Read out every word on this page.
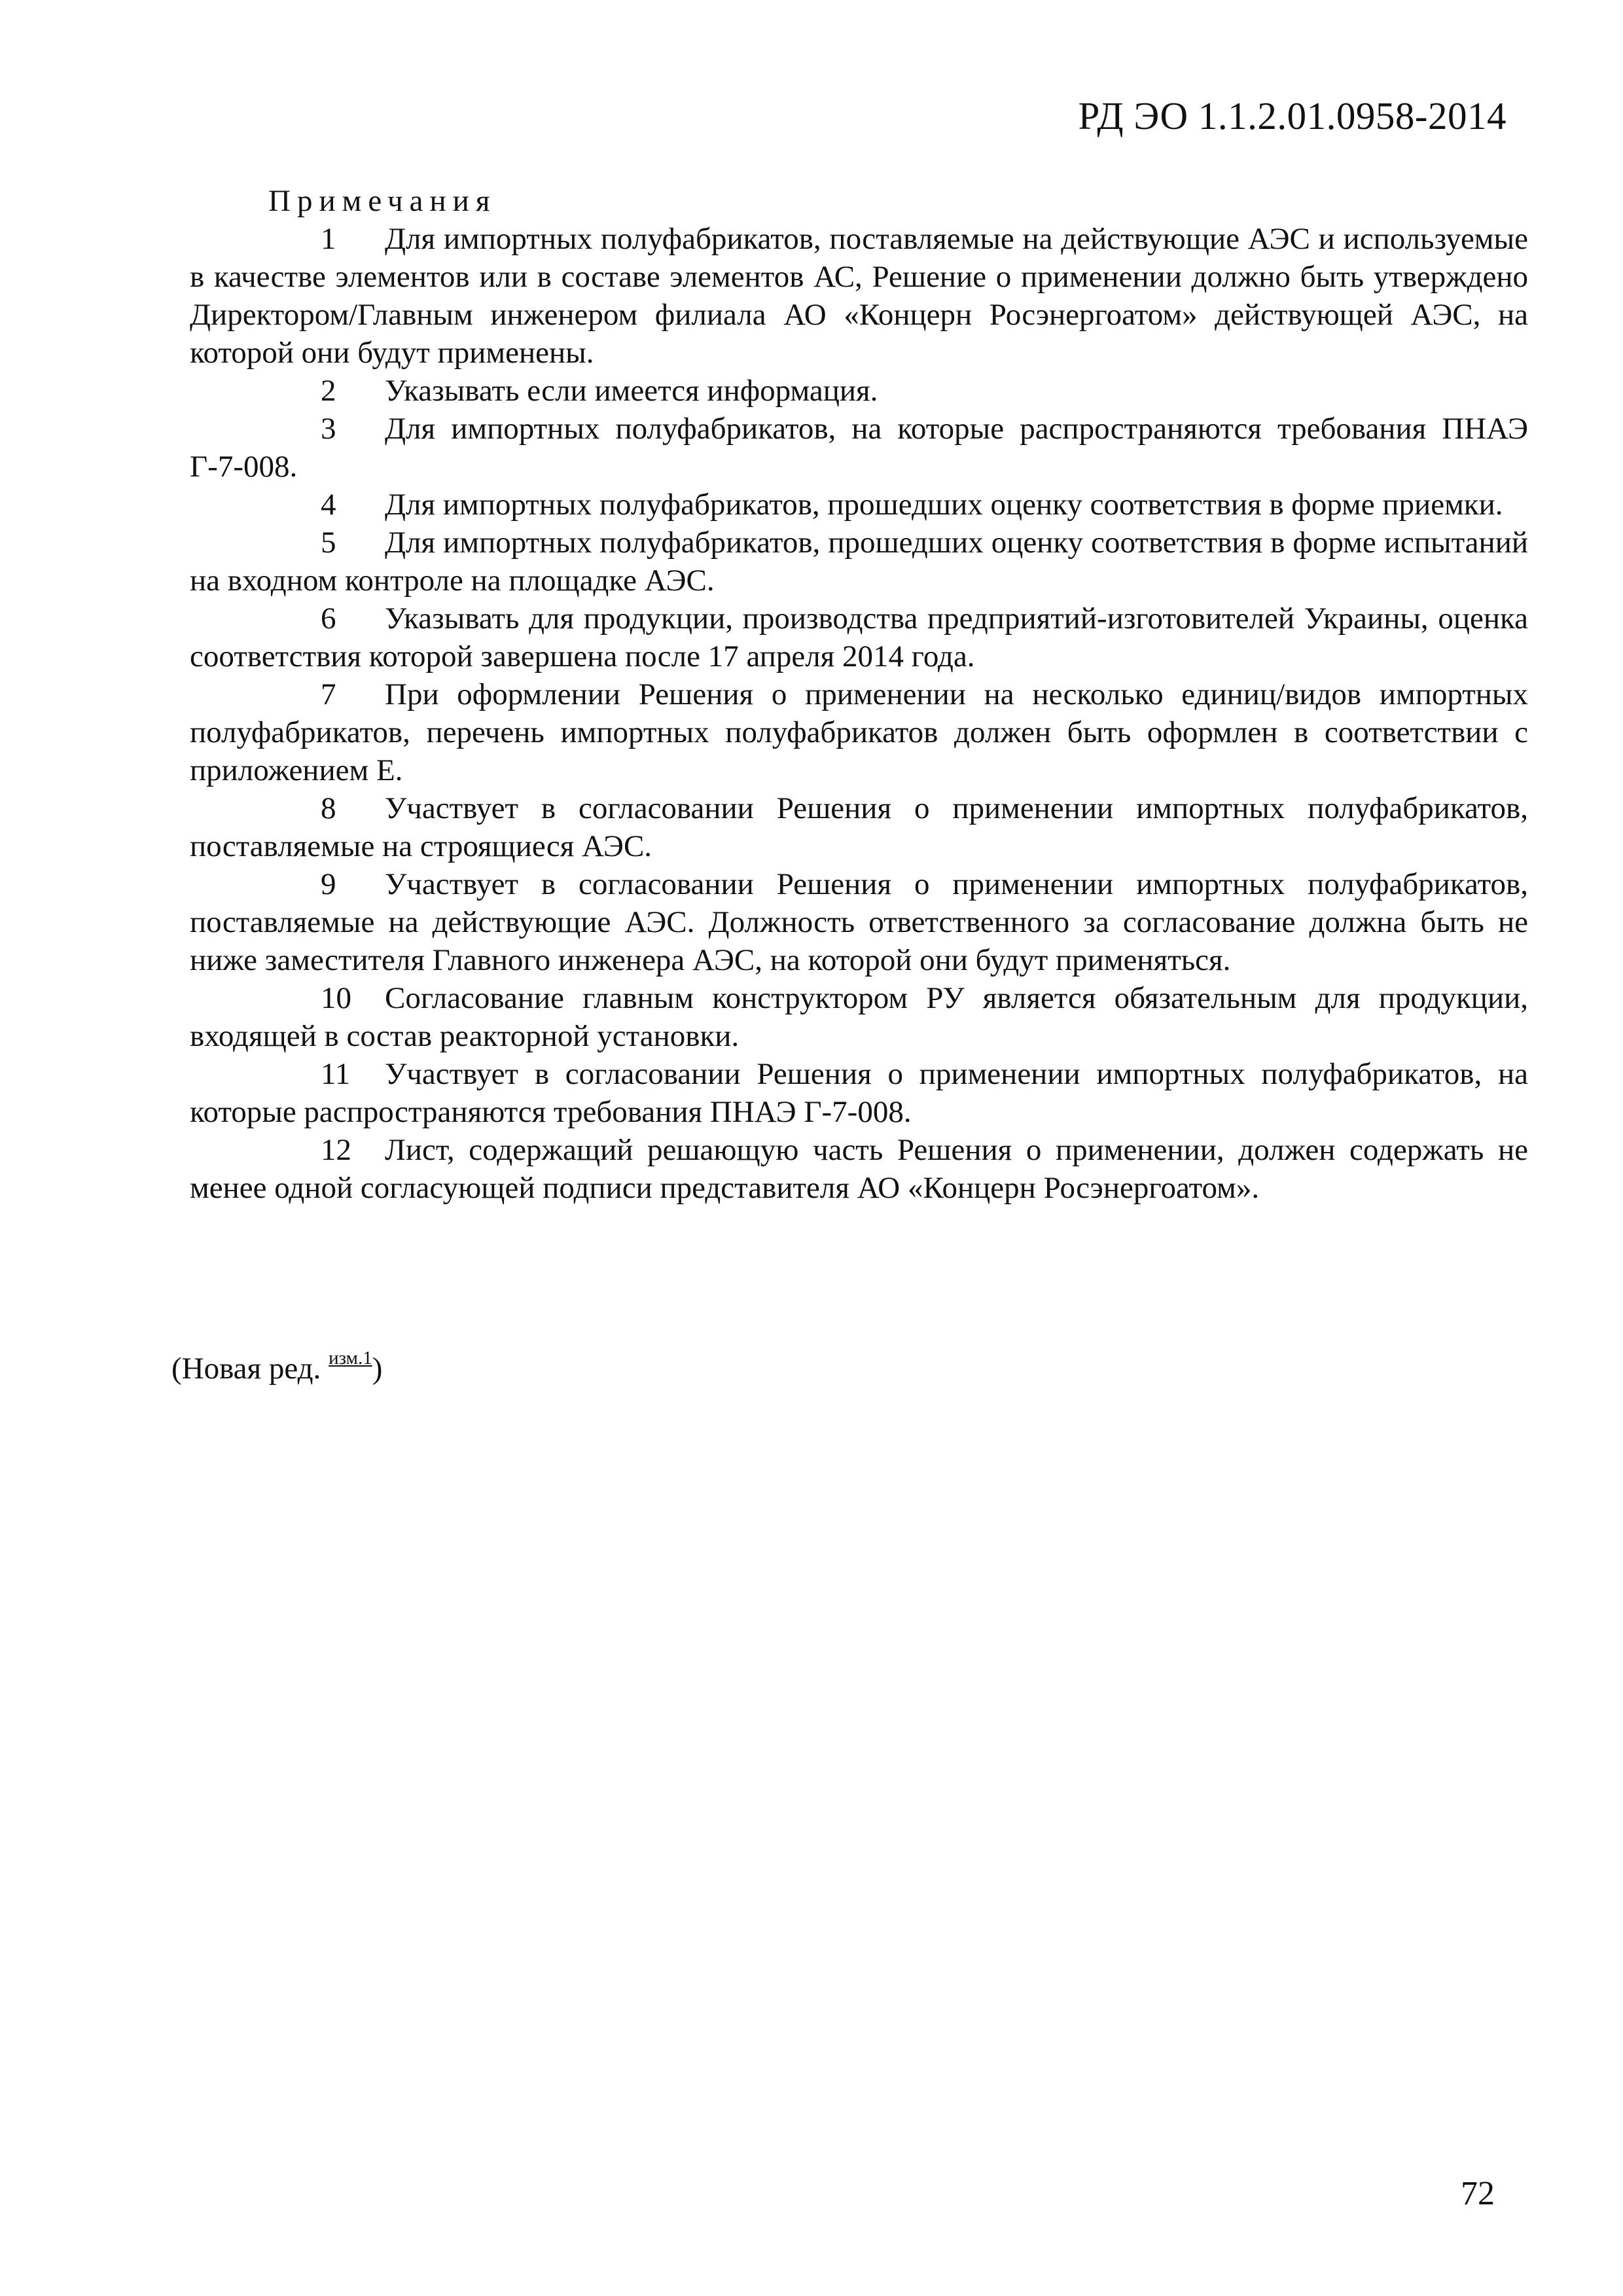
РД ЭО 1.1.2.01.0958-2014

Примечания

1 Для импортных полуфабрикатов, поставляемые на действующие АЭС и используемые в качестве элементов или в составе элементов АС, Решение о применении должно быть утверждено Директором/Главным инженером филиала АО «Концерн Росэнергоатом» действующей АЭС, на которой они будут применены.

2 Указывать если имеется информация.

3 Для импортных полуфабрикатов, на которые распространяются требования ПНАЭ Г-7-008.

4 Для импортных полуфабрикатов, прошедших оценку соответствия в форме приемки.

5 Для импортных полуфабрикатов, прошедших оценку соответствия в форме испытаний на входном контроле на площадке АЭС.

6 Указывать для продукции, производства предприятий-изготовителей Украины, оценка соответствия которой завершена после 17 апреля 2014 года.

7 При оформлении Решения о применении на несколько единиц/видов импортных полуфабрикатов, перечень импортных полуфабрикатов должен быть оформлен в соответствии с приложением Е.

8 Участвует в согласовании Решения о применении импортных полуфабрикатов, поставляемые на строящиеся АЭС.

9 Участвует в согласовании Решения о применении импортных полуфабрикатов, поставляемые на действующие АЭС. Должность ответственного за согласование должна быть не ниже заместителя Главного инженера АЭС, на которой они будут применяться.

10 Согласование главным конструктором РУ является обязательным для продукции, входящей в состав реакторной установки.

11 Участвует в согласовании Решения о применении импортных полуфабрикатов, на которые распространяются требования ПНАЭ Г-7-008.

12 Лист, содержащий решающую часть Решения о применении, должен содержать не менее одной согласующей подписи представителя АО «Концерн Росэнергоатом».

(Новая ред. $^{изм.1}$)
72
